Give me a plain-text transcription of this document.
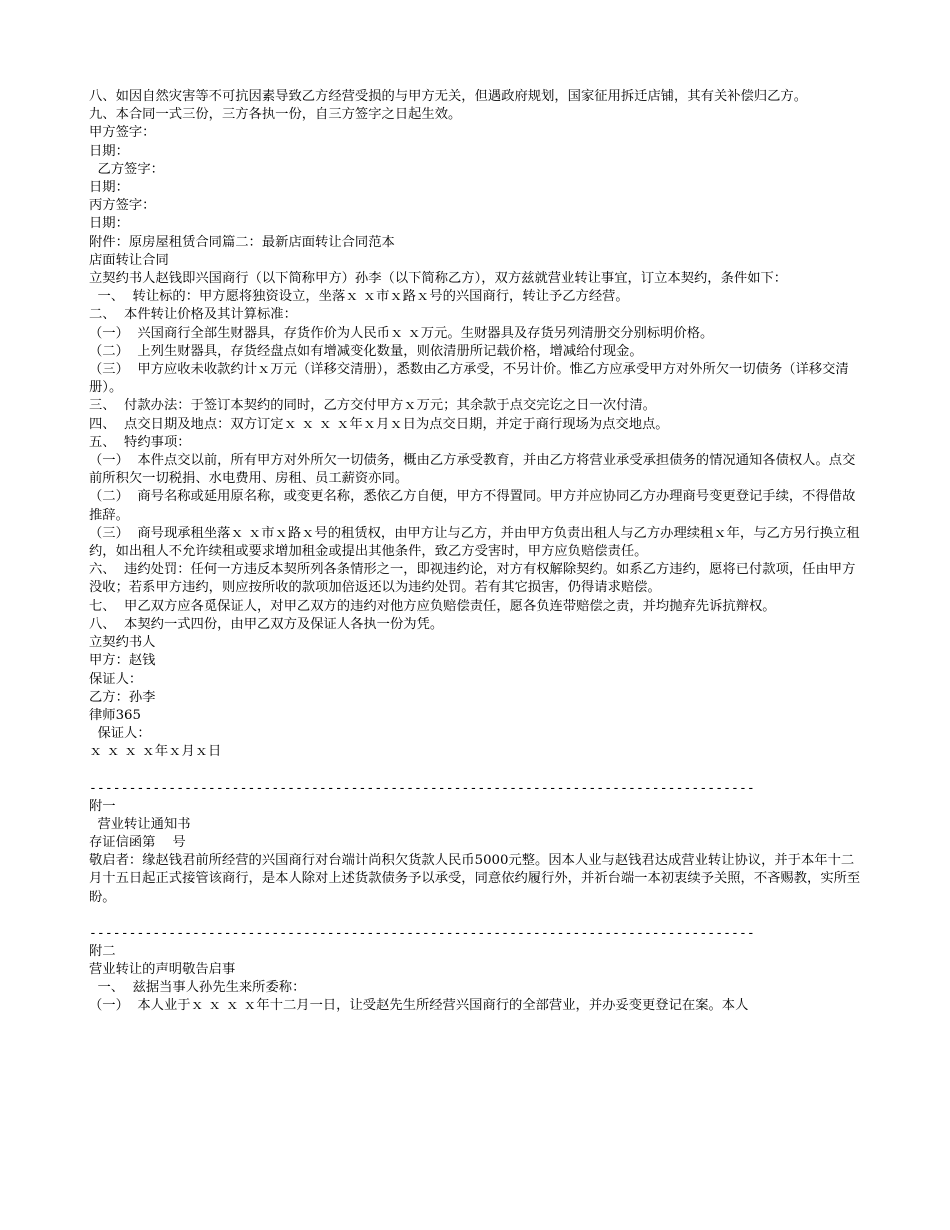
八、如因自然灾害等不可抗因素导致乙方经营受损的与甲方无关，但遇政府规划，国家征用拆迁店铺，其有关补偿归乙方。
九、本合同一式三份，三方各执一份，自三方签字之日起生效。
甲方签字：
日期：
乙方签字：
日期：
丙方签字：
日期：
附件：原房屋租赁合同篇二：最新店面转让合同范本
店面转让合同
立契约书人赵钱即兴国商行（以下简称甲方）孙李（以下简称乙方），双方兹就营业转让事宜，订立本契约，条件如下：
一、  转让标的：甲方愿将独资设立，坐落ｘ ｘ市ｘ路ｘ号的兴国商行，转让予乙方经营。
二、  本件转让价格及其计算标准：
（一）  兴国商行全部生财器具，存货作价为人民币ｘ ｘ万元。生财器具及存货另列清册交分别标明价格。
（二）  上列生财器具，存货经盘点如有增减变化数量，则依清册所记载价格，增减给付现金。
（三）  甲方应收未收款约计ｘ万元（详移交清册），悉数由乙方承受，不另计价。惟乙方应承受甲方对外所欠一切债务（详移交清册）。
三、  付款办法：于签订本契约的同时，乙方交付甲方ｘ万元；其余款于点交完讫之日一次付清。
四、  点交日期及地点：双方订定ｘ ｘ ｘ ｘ年ｘ月ｘ日为点交日期，并定于商行现场为点交地点。
五、  特约事项：
（一）  本件点交以前，所有甲方对外所欠一切债务，概由乙方承受教育，并由乙方将营业承受承担债务的情况通知各债权人。点交前所积欠一切税捐、水电费用、房租、员工薪资亦同。
（二）  商号名称或延用原名称，或变更名称，悉依乙方自便，甲方不得置同。甲方并应协同乙方办理商号变更登记手续，不得借故推辞。
（三）  商号现承租坐落ｘ ｘ市ｘ路ｘ号的租赁权，由甲方让与乙方，并由甲方负责出租人与乙方办理续租ｘ年，与乙方另行换立租约，如出租人不允许续租或要求增加租金或提出其他条件，致乙方受害时，甲方应负赔偿责任。
六、  违约处罚：任何一方违反本契所列各条情形之一，即视违约论，对方有权解除契约。如系乙方违约，愿将已付款项，任由甲方没收；若系甲方违约，则应按所收的款项加倍返还以为违约处罚。若有其它损害，仍得请求赔偿。
七、  甲乙双方应各觅保证人，对甲乙双方的违约对他方应负赔偿责任，愿各负连带赔偿之责，并均抛弃先诉抗辩权。
八、  本契约一式四份，由甲乙双方及保证人各执一份为凭。
立契约书人
甲方：赵钱
保证人：
乙方：孙李
律师365
保证人：
ｘ ｘ ｘ ｘ年ｘ月ｘ日
------------------------------------------------------------------------------------
附一
营业转让通知书
存证信函第    号
敬启者：缘赵钱君前所经营的兴国商行对台端计尚积欠货款人民币5000元整。因本人业与赵钱君达成营业转让协议，并于本年十二月十五日起正式接管该商行，是本人除对上述货款债务予以承受，同意依约履行外，并祈台端一本初衷续予关照，不吝赐教，实所至盼。
------------------------------------------------------------------------------------
附二
营业转让的声明敬告启事
一、  兹据当事人孙先生来所委称：
（一）  本人业于ｘ ｘ ｘ ｘ年十二月一日，让受赵先生所经营兴国商行的全部营业，并办妥变更登记在案。本人
